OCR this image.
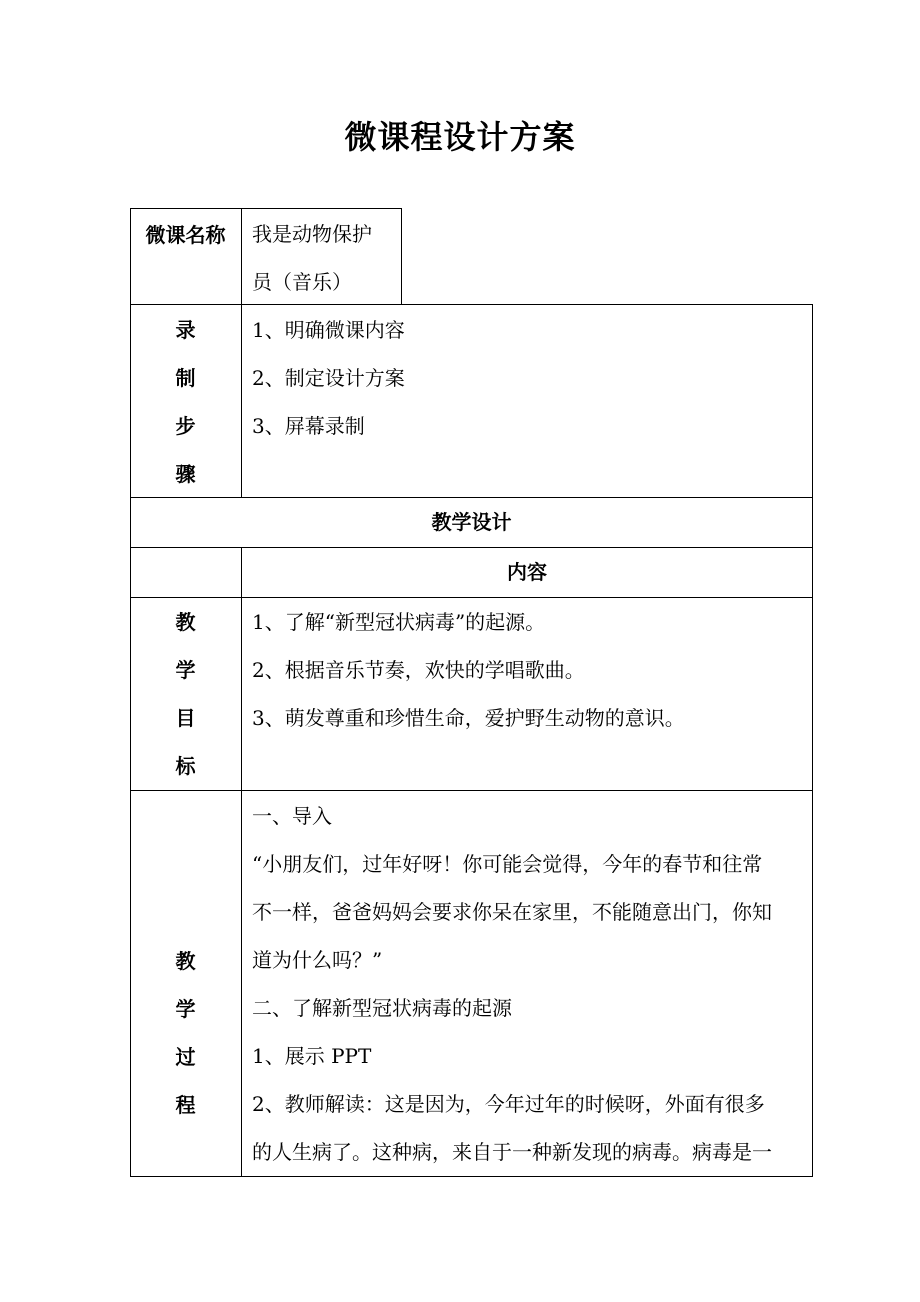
微课程设计方案
微课名称	我是动物保护
员（音乐）
录
制
步
骤
1、明确微课内容
2、制定设计方案
3、屏幕录制
教学设计
内容
教
学
目
标
1、了解“新型冠状病毒”的起源。
2、根据音乐节奏，欢快的学唱歌曲。
3、萌发尊重和珍惜生命，爱护野生动物的意识。
教
学
过
程
一、导入
“小朋友们，过年好呀！你可能会觉得，今年的春节和往常
不一样，爸爸妈妈会要求你呆在家里，不能随意出门，你知
道为什么吗？”
二、了解新型冠状病毒的起源
1、展示 PPT
2、教师解读：这是因为，今年过年的时候呀，外面有很多
的人生病了。这种病，来自于一种新发现的病毒。病毒是一
